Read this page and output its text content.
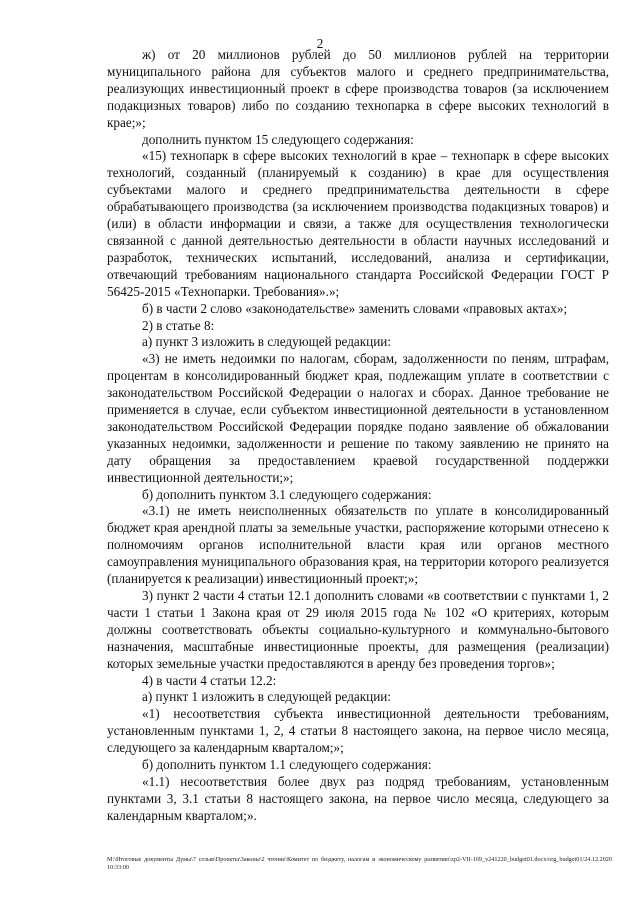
2

ж) от 20 миллионов рублей до 50 миллионов рублей на территории муниципального района для субъектов малого и среднего предпринимательства, реализующих инвестиционный проект в сфере производства товаров (за исключением подакцизных товаров) либо по созданию технопарка в сфере высоких технологий в крае;»;

дополнить пунктом 15 следующего содержания:

«15) технопарк в сфере высоких технологий в крае – технопарк в сфере высоких технологий, созданный (планируемый к созданию) в крае для осуществления субъектами малого и среднего предпринимательства деятельности в сфере обрабатывающего производства (за исключением производства подакцизных товаров) и (или) в области информации и связи, а также для осуществления технологически связанной с данной деятельностью деятельности в области научных исследований и разработок, технических испытаний, исследований, анализа и сертификации, отвечающий требованиям национального стандарта Российской Федерации ГОСТ Р 56425-2015 «Технопарки. Требования».»;

б) в части 2 слово «законодательстве» заменить словами «правовых актах»;

2) в статье 8:

а) пункт 3 изложить в следующей редакции:

«3) не иметь недоимки по налогам, сборам, задолженности по пеням, штрафам, процентам в консолидированный бюджет края, подлежащим уплате в соответствии с законодательством Российской Федерации о налогах и сборах. Данное требование не применяется в случае, если субъектом инвестиционной деятельности в установленном законодательством Российской Федерации порядке подано заявление об обжаловании указанных недоимки, задолженности и решение по такому заявлению не принято на дату обращения за предоставлением краевой государственной поддержки инвестиционной деятельности;»;

б) дополнить пунктом 3.1 следующего содержания:

«3.1) не иметь неисполненных обязательств по уплате в консолидированный бюджет края арендной платы за земельные участки, распоряжение которыми отнесено к полномочиям органов исполнительной власти края или органов местного самоуправления муниципального образования края, на территории которого реализуется (планируется к реализации) инвестиционный проект;»;

3) пункт 2 части 4 статьи 12.1 дополнить словами «в соответствии с пунктами 1, 2 части 1 статьи 1 Закона края от 29 июля 2015 года № 102 «О критериях, которым должны соответствовать объекты социально-культурного и коммунально-бытового назначения, масштабные инвестиционные проекты, для размещения (реализации) которых земельные участки предоставляются в аренду без проведения торгов»;

4) в части 4 статьи 12.2:

а) пункт 1 изложить в следующей редакции:

«1) несоответствия субъекта инвестиционной деятельности требованиям, установленным пунктами 1, 2, 4 статьи 8 настоящего закона, на первое число месяца, следующего за календарным кварталом;»;

б) дополнить пунктом 1.1 следующего содержания:

«1.1) несоответствия более двух раз подряд требованиям, установленным пунктами 3, 3.1 статьи 8 настоящего закона, на первое число месяца, следующего за календарным кварталом;».

M:\Итоговые документы Думы\7 созыв\Проекты\Законы\2 чтение\Комитет по бюджету, налогам и экономическому развитию\zp2-VII-169_v241220_budget01.docx/org_budget01/24.12.2020 10:33:00
